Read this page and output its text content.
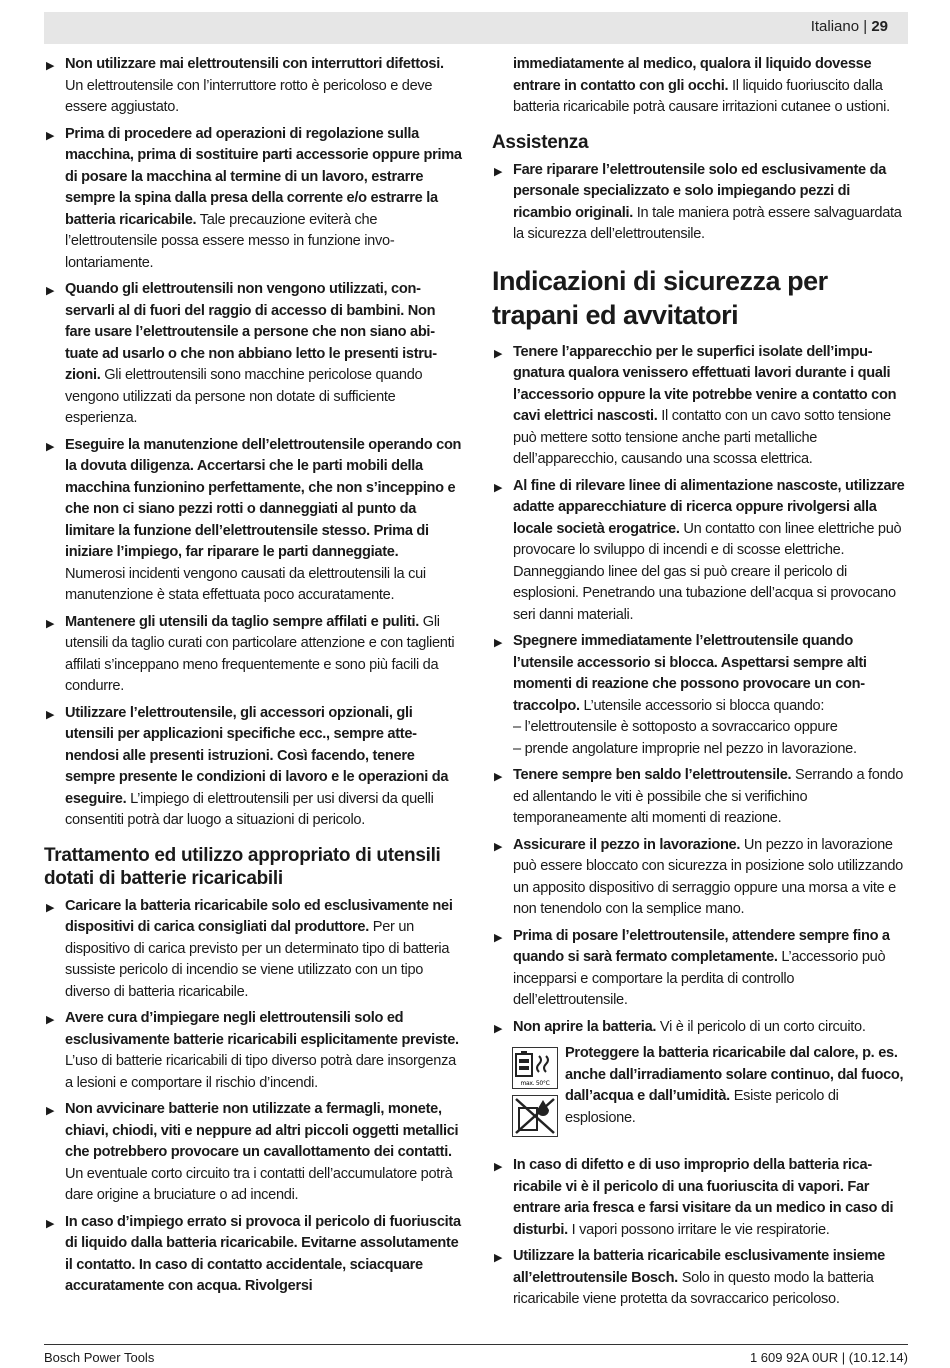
Italiano | 29
▶ Non utilizzare mai elettroutensili con interruttori difettosi. Un elettroutensile con l’interruttore rotto è pericoloso e deve essere aggiustato.
▶ Prima di procedere ad operazioni di regolazione sulla macchina, prima di sostituire parti accessorie oppure prima di posare la macchina al termine di un lavoro, estrarre sempre la spina dalla presa della corrente e/o estrarre la batteria ricaricabile. Tale precauzione eviterà che l’elettroutensile possa essere messo in funzione involontariamente.
▶ Quando gli elettroutensili non vengono utilizzati, conservarli al di fuori del raggio di accesso di bambini. Non fare usare l’elettroutensile a persone che non siano abituate ad usarlo o che non abbiano letto le presenti istruzioni. Gli elettroutensili sono macchine pericolose quando vengono utilizzati da persone non dotate di sufficiente esperienza.
▶ Eseguire la manutenzione dell’elettroutensile operando con la dovuta diligenza. Accertarsi che le parti mobili della macchina funzionino perfettamente, che non s’inceppino e che non ci siano pezzi rotti o danneggiati al punto da limitare la funzione dell’elettroutensile stesso. Prima di iniziare l’impiego, far riparare le parti danneggiate. Numerosi incidenti vengono causati da elettroutensili la cui manutenzione è stata effettuata poco accuratamente.
▶ Mantenere gli utensili da taglio sempre affilati e puliti. Gli utensili da taglio curati con particolare attenzione e con taglienti affilati s’inceppano meno frequentemente e sono più facili da condurre.
▶ Utilizzare l’elettroutensile, gli accessori opzionali, gli utensili per applicazioni specifiche ecc., sempre attenendosi alle presenti istruzioni. Così facendo, tenere sempre presente le condizioni di lavoro e le operazioni da eseguire. L’impiego di elettroutensili per usi diversi da quelli consentiti potrà dar luogo a situazioni di pericolo.
Trattamento ed utilizzo appropriato di utensili dotati di batterie ricaricabili
▶ Caricare la batteria ricaricabile solo ed esclusivamente nei dispositivi di carica consigliati dal produttore. Per un dispositivo di carica previsto per un determinato tipo di batteria sussiste pericolo di incendio se viene utilizzato con un tipo diverso di batteria ricaricabile.
▶ Avere cura d’impiegare negli elettroutensili solo ed esclusivamente batterie ricaricabili esplicitamente previste. L’uso di batterie ricaricabili di tipo diverso potrà dare insorgenza a lesioni e comportare il rischio d’incendi.
▶ Non avvicinare batterie non utilizzate a fermagli, monete, chiavi, chiodi, viti e neppure ad altri piccoli oggetti metallici che potrebbero provocare un cavallottamento dei contatti. Un eventuale corto circuito tra i contatti dell’accumulatore potrà dare origine a bruciature o ad incendi.
▶ In caso d’impiego errato si provoca il pericolo di fuoriuscita di liquido dalla batteria ricaricabile. Evitarne assolutamente il contatto. In caso di contatto accidentale, sciacquare accuratamente con acqua. Rivolgersi
immediatamente al medico, qualora il liquido dovesse entrare in contatto con gli occhi. Il liquido fuoriuscito dalla batteria ricaricabile potrà causare irritazioni cutanee o ustioni.
Assistenza
▶ Fare riparare l’elettroutensile solo ed esclusivamente da personale specializzato e solo impiegando pezzi di ricambio originali. In tale maniera potrà essere salvaguardata la sicurezza dell’elettroutensile.
Indicazioni di sicurezza per trapani ed avvitatori
▶ Tenere l’apparecchio per le superfici isolate dell’impugnatura qualora venissero effettuati lavori durante i quali l’accessorio oppure la vite potrebbe venire a contatto con cavi elettrici nascosti. Il contatto con un cavo sotto tensione può mettere sotto tensione anche parti metalliche dell’apparecchio, causando una scossa elettrica.
▶ Al fine di rilevare linee di alimentazione nascoste, utilizzare adatte apparecchiature di ricerca oppure rivolgersi alla locale società erogatrice. Un contatto con linee elettriche può provocare lo sviluppo di incendi e di scosse elettriche. Danneggiando linee del gas si può creare il pericolo di esplosioni. Penetrando una tubazione dell’acqua si provocano seri danni materiali.
▶ Spegnere immediatamente l’elettroutensile quando l’utensile accessorio si blocca. Aspettarsi sempre alti momenti di reazione che possono provocare un contraccolpo. L’utensile accessorio si blocca quando:
– l’elettroutensile è sottoposto a sovraccarico oppure
– prende angolature improprie nel pezzo in lavorazione.
▶ Tenere sempre ben saldo l’elettroutensile. Serrando a fondo ed allentando le viti è possibile che si verifichino temporaneamente alti momenti di reazione.
▶ Assicurare il pezzo in lavorazione. Un pezzo in lavorazione può essere bloccato con sicurezza in posizione solo utilizzando un apposito dispositivo di serraggio oppure una morsa a vite e non tenendolo con la semplice mano.
▶ Prima di posare l’elettroutensile, attendere sempre fino a quando si sarà fermato completamente. L’accessorio può incepparsi e comportare la perdita di controllo dell’elettroutensile.
▶ Non aprire la batteria. Vi è il pericolo di un corto circuito.
max. 50°C
Proteggere la batteria ricaricabile dal calore, p. es. anche dall’irradiamento solare continuo, dal fuoco, dall’acqua e dall’umidità. Esiste pericolo di esplosione.
▶ In caso di difetto e di uso improprio della batteria ricaricabile vi è il pericolo di una fuoriuscita di vapori. Far entrare aria fresca e farsi visitare da un medico in caso di disturbi. I vapori possono irritare le vie respiratorie.
▶ Utilizzare la batteria ricaricabile esclusivamente insieme all’elettroutensile Bosch. Solo in questo modo la batteria ricaricabile viene protetta da sovraccarico pericoloso.
Bosch Power Tools	1 609 92A 0UR | (10.12.14)
